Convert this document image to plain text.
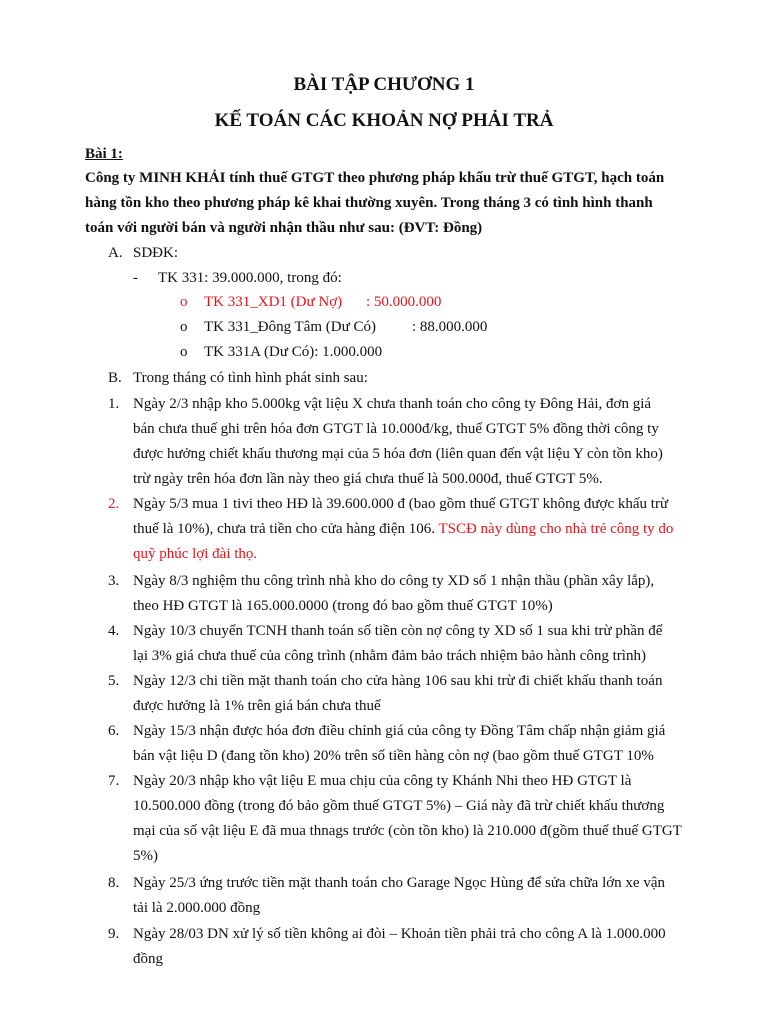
BÀI TẬP CHƯƠNG 1
KẾ TOÁN CÁC KHOẢN NỢ PHẢI TRẢ
Bài 1:
Công ty MINH KHẢI tính thuế GTGT theo phương pháp khấu trừ thuế GTGT, hạch toán
hàng tồn kho theo phương pháp kê khai thường xuyên. Trong tháng 3 có tình hình thanh
toán với người bán và người nhận thầu như sau: (ĐVT: Đồng)
A. SDĐK:
- TK 331: 39.000.000, trong đó:
o TK 331_XD1 (Dư Nợ) : 50.000.000
o TK 331_Đông Tâm (Dư Có) : 88.000.000
o TK 331A (Dư Có): 1.000.000
B. Trong tháng có tình hình phát sinh sau:
1. Ngày 2/3 nhập kho 5.000kg vật liệu X chưa thanh toán cho công ty Đông Hải, đơn giá
bán chưa thuế ghi trên hóa đơn GTGT là 10.000đ/kg, thuế GTGT 5% đồng thời công ty
được hưởng chiết khấu thương mại của 5 hóa đơn (liên quan đến vật liệu Y còn tồn kho)
trừ ngày trên hóa đơn lần này theo giá chưa thuế là 500.000đ, thuế GTGT 5%.
2. Ngày 5/3 mua 1 tivi theo HĐ là 39.600.000 đ (bao gồm thuế GTGT không được khấu trừ
thuế là 10%), chưa trả tiền cho cửa hàng điện 106. TSCĐ này dùng cho nhà trẻ công ty do
quỹ phúc lợi đài thọ.
3. Ngày 8/3 nghiệm thu công trình nhà kho do công ty XD số 1 nhận thầu (phần xây lắp),
theo HĐ GTGT là 165.000.0000 (trong đó bao gồm thuế GTGT 10%)
4. Ngày 10/3 chuyển TCNH thanh toán số tiền còn nợ công ty XD số 1 sua khi trừ phần để
lại 3% giá chưa thuế của công trình (nhằm đảm bảo trách nhiệm bảo hành công trình)
5. Ngày 12/3 chi tiền mặt thanh toán cho cửa hàng 106 sau khi trừ đi chiết khấu thanh toán
được hưởng là 1% trên giá bán chưa thuế
6. Ngày 15/3 nhận được hóa đơn điều chỉnh giá của công ty Đồng Tâm chấp nhận giảm giá
bán vật liệu D (đang tồn kho) 20% trên số tiền hàng còn nợ (bao gồm thuế GTGT 10%
7. Ngày 20/3 nhập kho vật liệu E mua chịu của công ty Khánh Nhi theo HĐ GTGT là
10.500.000 đồng (trong đó bảo gồm thuế GTGT 5%) – Giá này đã trừ chiết khấu thương
mại của số vật liệu E đã mua thnags trước (còn tồn kho) là 210.000 đ(gồm thuế thuế GTGT
5%)
8. Ngày 25/3 ứng trước tiền mặt thanh toán cho Garage Ngọc Hùng để sửa chữa lớn xe vận
tải là 2.000.000 đồng
9. Ngày 28/03 DN xử lý số tiền không ai đòi – Khoản tiền phải trả cho công A là 1.000.000
đồng
